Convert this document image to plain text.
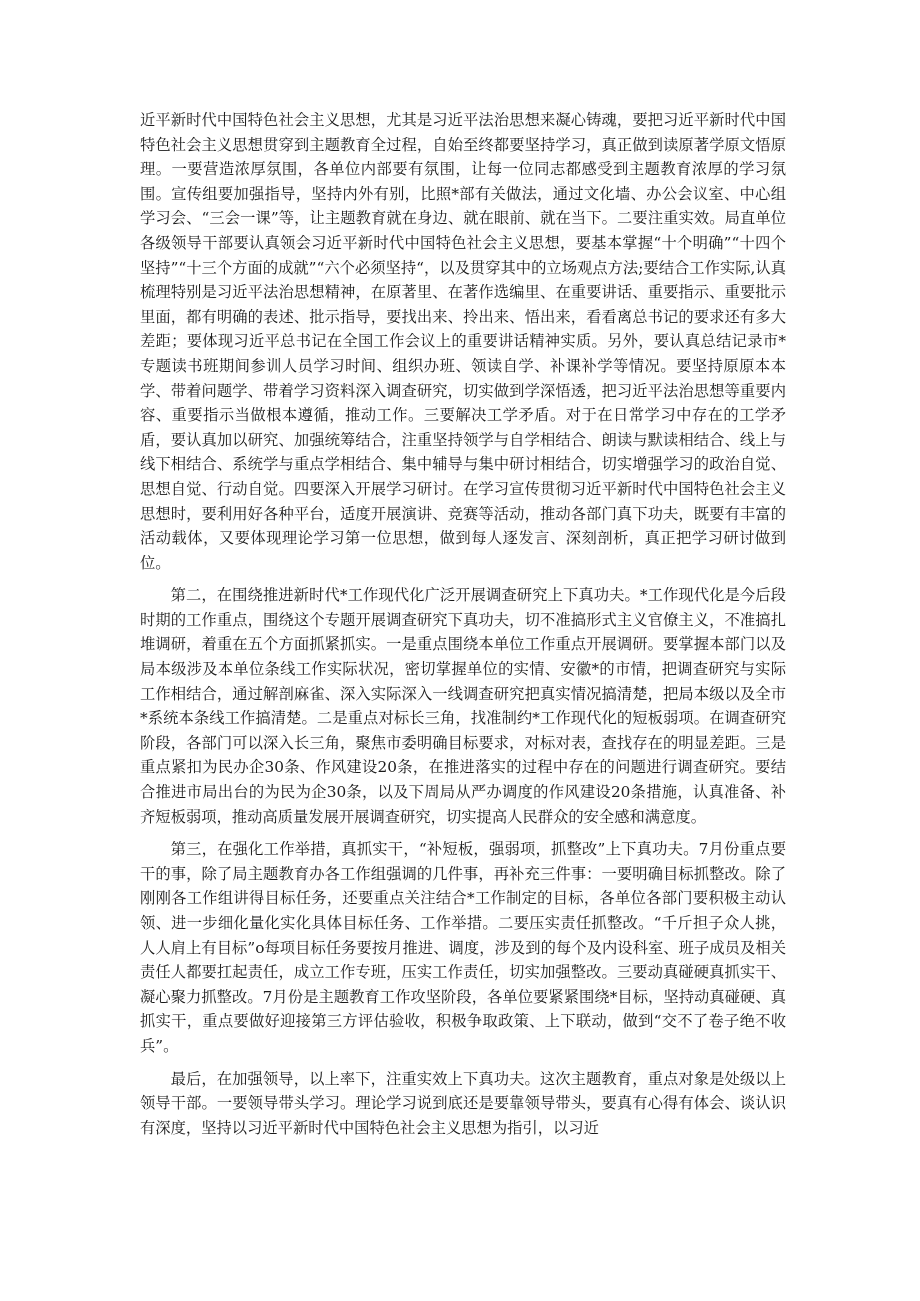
近平新时代中国特色社会主义思想，尤其是习近平法治思想来凝心铸魂，要把习近平新时代中国特色社会主义思想贯穿到主题教育全过程，自始至终都要坚持学习，真正做到读原著学原文悟原理。一要营造浓厚氛围，各单位内部要有氛围，让每一位同志都感受到主题教育浓厚的学习氛围。宣传组要加强指导，坚持内外有别，比照*部有关做法，通过文化墙、办公会议室、中心组学习会、“三会一课”等，让主题教育就在身边、就在眼前、就在当下。二要注重实效。局直单位各级领导干部要认真领会习近平新时代中国特色社会主义思想，要基本掌握“十个明确”“十四个坚持”“十三个方面的成就”“六个必须坚持“，以及贯穿其中的立场观点方法;要结合工作实际,认真梳理特别是习近平法治思想精神，在原著里、在著作选编里、在重要讲话、重要指示、重要批示里面，都有明确的表述、批示指导，要找出来、拎出来、悟出来，看看离总书记的要求还有多大差距；要体现习近平总书记在全国工作会议上的重要讲话精神实质。另外，要认真总结记录市*专题读书班期间参训人员学习时间、组织办班、领读自学、补课补学等情况。要坚持原原本本学、带着问题学、带着学习资料深入调查研究，切实做到学深悟透，把习近平法治思想等重要内容、重要指示当做根本遵循，推动工作。三要解决工学矛盾。对于在日常学习中存在的工学矛盾，要认真加以研究、加强统筹结合，注重坚持领学与自学相结合、朗读与默读相结合、线上与线下相结合、系统学与重点学相结合、集中辅导与集中研讨相结合，切实增强学习的政治自觉、思想自觉、行动自觉。四要深入开展学习研讨。在学习宣传贯彻习近平新时代中国特色社会主义思想时，要利用好各种平台，适度开展演讲、竞赛等活动，推动各部门真下功夫，既要有丰富的活动载体，又要体现理论学习第一位思想，做到每人逐发言、深刻剖析，真正把学习研讨做到位。

第二，在围绕推进新时代*工作现代化广泛开展调查研究上下真功夫。*工作现代化是今后段时期的工作重点，围绕这个专题开展调查研究下真功夫，切不准搞形式主义官僚主义，不准搞扎堆调研，着重在五个方面抓紧抓实。一是重点围绕本单位工作重点开展调研。要掌握本部门以及局本级涉及本单位条线工作实际状况，密切掌握单位的实情、安徽*的市情，把调查研究与实际工作相结合，通过解剖麻雀、深入实际深入一线调查研究把真实情况搞清楚，把局本级以及全市*系统本条线工作搞清楚。二是重点对标长三角，找准制约*工作现代化的短板弱项。在调查研究阶段，各部门可以深入长三角，聚焦市委明确目标要求，对标对表，查找存在的明显差距。三是重点紧扣为民办企30条、作风建设20条，在推进落实的过程中存在的问题进行调查研究。要结合推进市局出台的为民为企30条，以及下周局从严办调度的作风建设20条措施，认真准备、补齐短板弱项，推动高质量发展开展调查研究，切实提高人民群众的安全感和满意度。

第三，在强化工作举措，真抓实干，“补短板，强弱项，抓整改”上下真功夫。7月份重点要干的事，除了局主题教育办各工作组强调的几件事，再补充三件事：一要明确目标抓整改。除了刚刚各工作组讲得目标任务，还要重点关注结合*工作制定的目标，各单位各部门要积极主动认领、进一步细化量化实化具体目标任务、工作举措。二要压实责任抓整改。“千斤担子众人挑，人人肩上有目标”o每项目标任务要按月推进、调度，涉及到的每个及内设科室、班子成员及相关责任人都要扛起责任，成立工作专班，压实工作责任，切实加强整改。三要动真碰硬真抓实干、凝心聚力抓整改。7月份是主题教育工作攻坚阶段，各单位要紧紧围绕*目标，坚持动真碰硬、真抓实干，重点要做好迎接第三方评估验收，积极争取政策、上下联动，做到“交不了卷子绝不收兵”。

最后，在加强领导，以上率下，注重实效上下真功夫。这次主题教育，重点对象是处级以上领导干部。一要领导带头学习。理论学习说到底还是要靠领导带头，要真有心得有体会、谈认识有深度，坚持以习近平新时代中国特色社会主义思想为指引，以习近
